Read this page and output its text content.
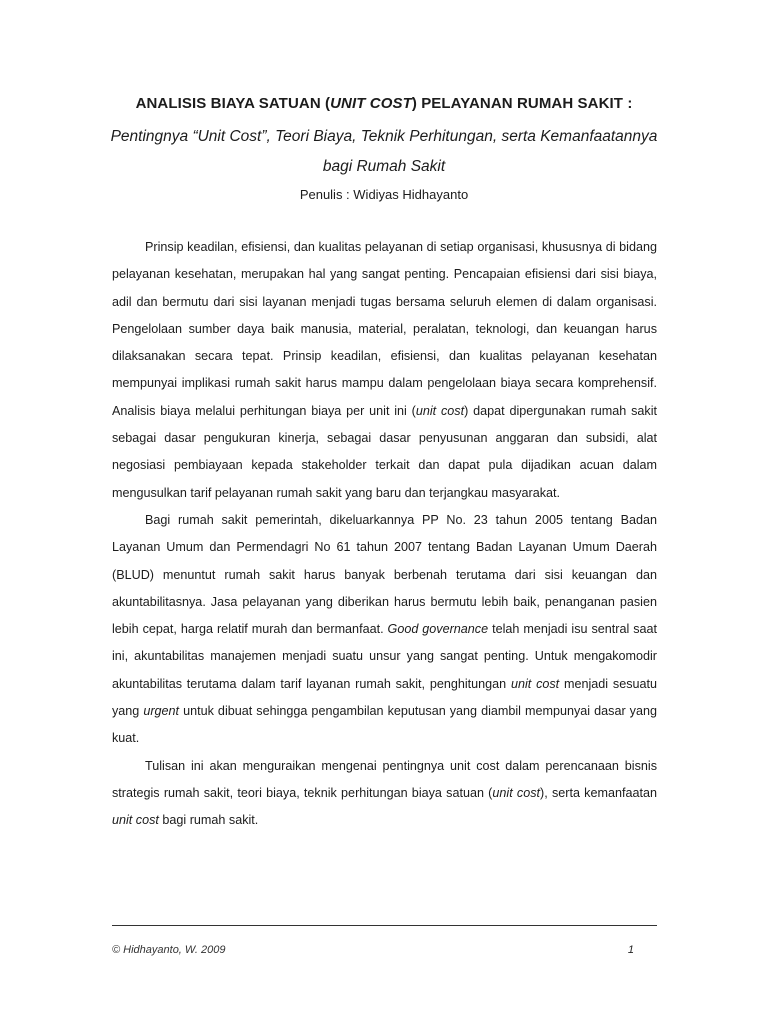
ANALISIS BIAYA SATUAN (UNIT COST) PELAYANAN RUMAH SAKIT :
Pentingnya “Unit Cost”, Teori Biaya, Teknik Perhitungan, serta Kemanfaatannya bagi Rumah Sakit
Penulis : Widiyas Hidhayanto

Prinsip keadilan, efisiensi, dan kualitas pelayanan di setiap organisasi, khususnya di bidang pelayanan kesehatan, merupakan hal yang sangat penting. Pencapaian efisiensi dari sisi biaya, adil dan bermutu dari sisi layanan menjadi tugas bersama seluruh elemen di dalam organisasi. Pengelolaan sumber daya baik manusia, material, peralatan, teknologi, dan keuangan harus dilaksanakan secara tepat. Prinsip keadilan, efisiensi, dan kualitas pelayanan kesehatan mempunyai implikasi rumah sakit harus mampu dalam pengelolaan biaya secara komprehensif. Analisis biaya melalui perhitungan biaya per unit ini (unit cost) dapat dipergunakan rumah sakit sebagai dasar pengukuran kinerja, sebagai dasar penyusunan anggaran dan subsidi, alat negosiasi pembiayaan kepada stakeholder terkait dan dapat pula dijadikan acuan dalam mengusulkan tarif pelayanan rumah sakit yang baru dan terjangkau masyarakat.

Bagi rumah sakit pemerintah, dikeluarkannya PP No. 23 tahun 2005 tentang Badan Layanan Umum dan Permendagri No 61 tahun 2007 tentang Badan Layanan Umum Daerah (BLUD) menuntut rumah sakit harus banyak berbenah terutama dari sisi keuangan dan akuntabilitasnya. Jasa pelayanan yang diberikan harus bermutu lebih baik, penanganan pasien lebih cepat, harga relatif murah dan bermanfaat. Good governance telah menjadi isu sentral saat ini, akuntabilitas manajemen menjadi suatu unsur yang sangat penting. Untuk mengakomodir akuntabilitas terutama dalam tarif layanan rumah sakit, penghitungan unit cost menjadi sesuatu yang urgent untuk dibuat sehingga pengambilan keputusan yang diambil mempunyai dasar yang kuat.

Tulisan ini akan menguraikan mengenai pentingnya unit cost dalam perencanaan bisnis strategis rumah sakit, teori biaya, teknik perhitungan biaya satuan (unit cost), serta kemanfaatan unit cost bagi rumah sakit.

© Hidhayanto, W. 2009	1
